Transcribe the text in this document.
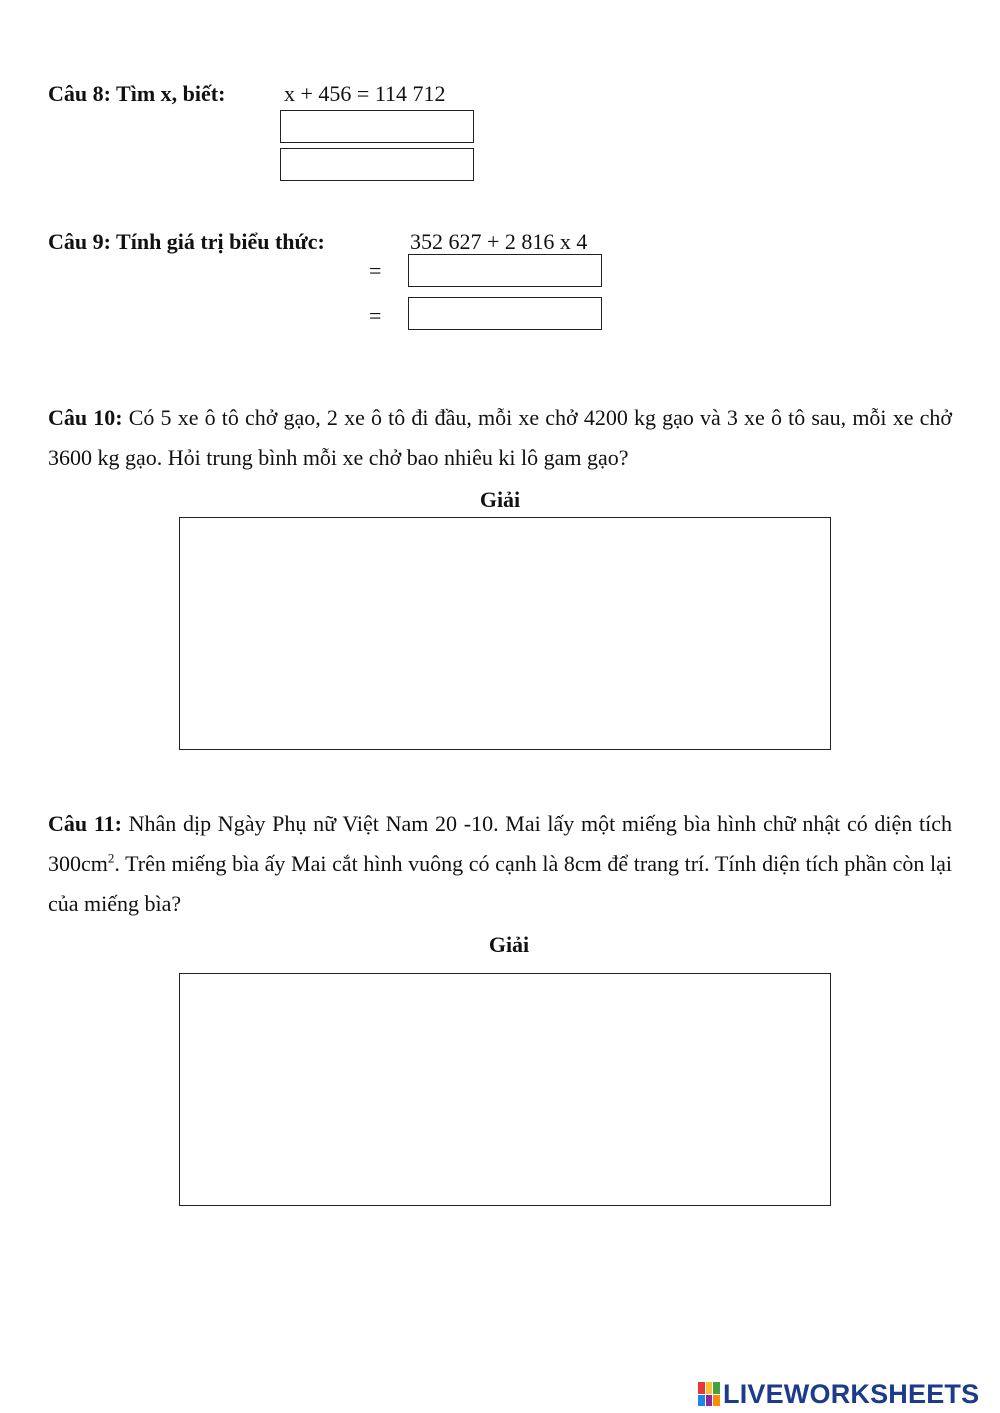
Câu 8: Tìm x, biết:	x + 456 = 114 712
Câu 9: Tính giá trị biểu thức:	352 627 + 2 816 x 4
=
=
Câu 10: Có 5 xe ô tô chở gạo, 2 xe ô tô đi đầu, mỗi xe chở 4200 kg gạo và 3 xe ô tô sau, mỗi xe chở 3600 kg gạo. Hỏi trung bình mỗi xe chở bao nhiêu ki lô gam gạo?
Giải
Câu 11: Nhân dịp Ngày Phụ nữ Việt Nam 20 -10. Mai lấy một miếng bìa hình chữ nhật có diện tích $300cm^2$. Trên miếng bìa ấy Mai cắt hình vuông có cạnh là 8cm để trang trí. Tính diện tích phần còn lại của miếng bìa?
Giải
LIVEWORKSHEETS
